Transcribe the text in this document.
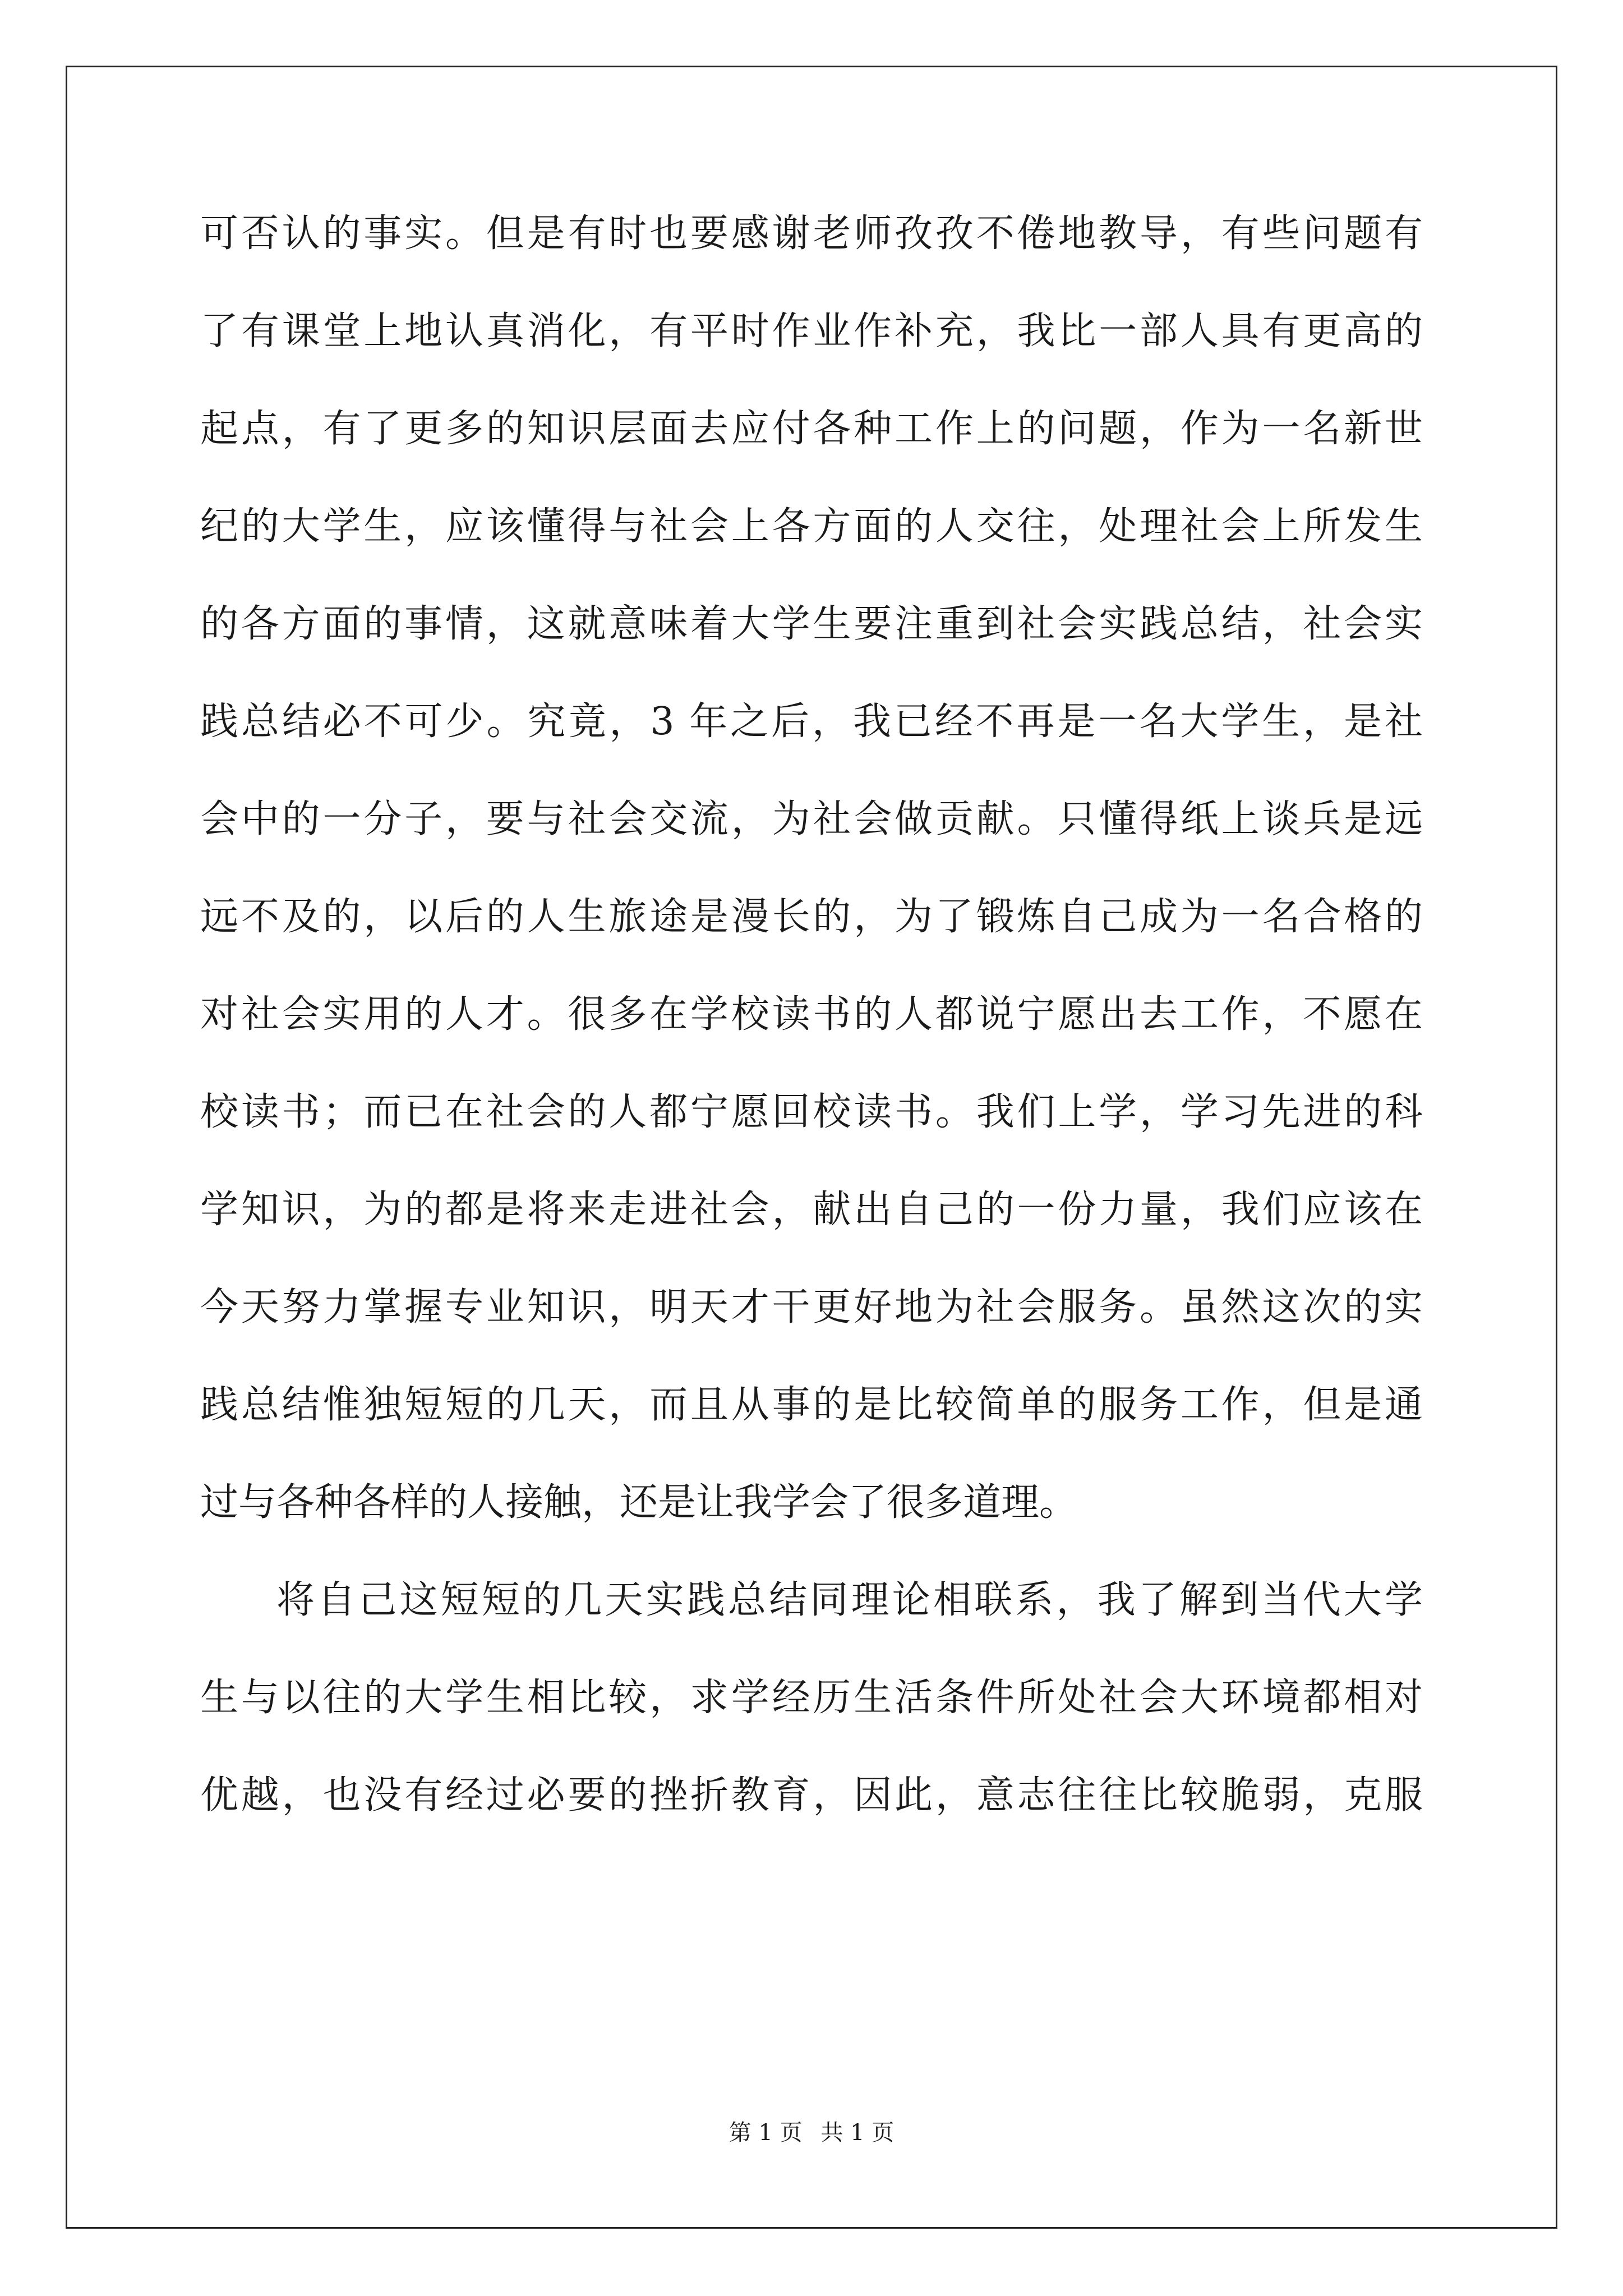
可否认的事实。但是有时也要感谢老师孜孜不倦地教导，有些问题有
了有课堂上地认真消化，有平时作业作补充，我比一部人具有更高的
起点，有了更多的知识层面去应付各种工作上的问题，作为一名新世
纪的大学生，应该懂得与社会上各方面的人交往，处理社会上所发生
的各方面的事情，这就意味着大学生要注重到社会实践总结，社会实
践总结必不可少。究竟，3 年之后，我已经不再是一名大学生，是社
会中的一分子，要与社会交流，为社会做贡献。只懂得纸上谈兵是远
远不及的，以后的人生旅途是漫长的，为了锻炼自己成为一名合格的
对社会实用的人才。很多在学校读书的人都说宁愿出去工作，不愿在
校读书；而已在社会的人都宁愿回校读书。我们上学，学习先进的科
学知识，为的都是将来走进社会，献出自己的一份力量，我们应该在
今天努力掌握专业知识，明天才干更好地为社会服务。虽然这次的实
践总结惟独短短的几天，而且从事的是比较简单的服务工作，但是通
过与各种各样的人接触，还是让我学会了很多道理。
将自己这短短的几天实践总结同理论相联系，我了解到当代大学
生与以往的大学生相比较，求学经历生活条件所处社会大环境都相对
优越，也没有经过必要的挫折教育，因此，意志往往比较脆弱，克服
第 1 页 共 1 页
